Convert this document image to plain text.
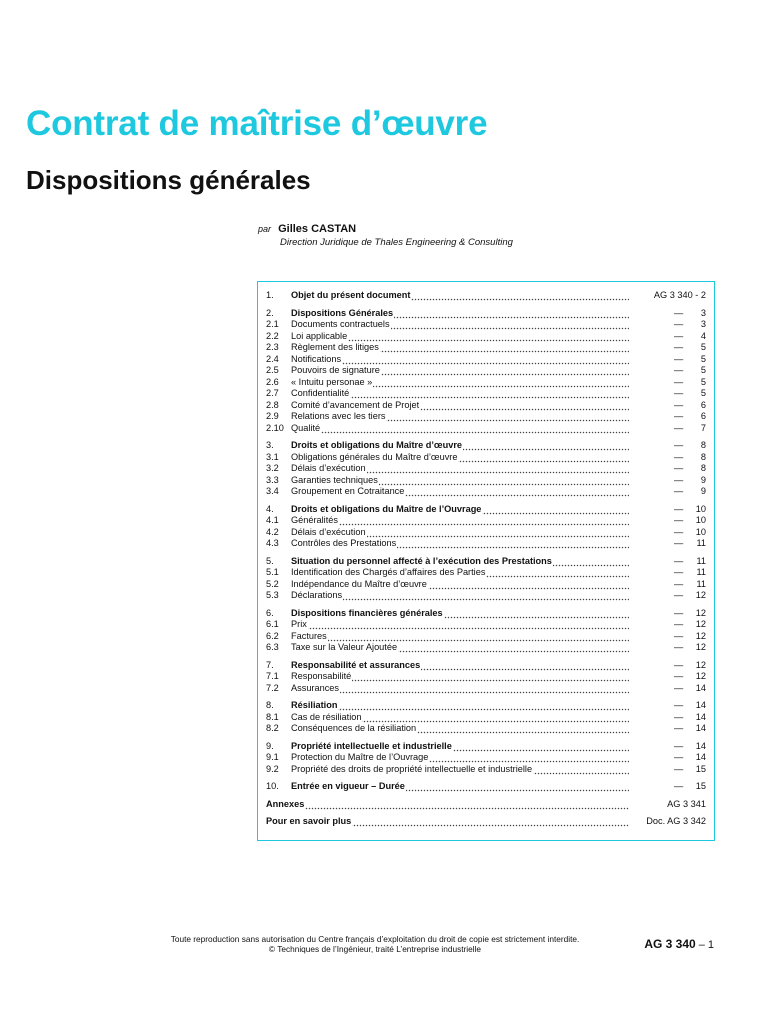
Contrat de maîtrise d’œuvre
Dispositions générales
par Gilles CASTAN
Direction Juridique de Thales Engineering & Consulting
1.	Objet du présent document	AG 3 340 - 2
2.	Dispositions Générales	—	3
2.1	Documents contractuels	—	3
2.2	Loi applicable	—	4
2.3	Règlement des litiges	—	5
2.4	Notifications	—	5
2.5	Pouvoirs de signature	—	5
2.6	« Intuitu personae »	—	5
2.7	Confidentialité	—	5
2.8	Comité d’avancement de Projet	—	6
2.9	Relations avec les tiers	—	6
2.10 Qualité	—	7
3.	Droits et obligations du Maître d’œuvre	—	8
3.1	Obligations générales du Maître d’œuvre	—	8
3.2	Délais d’exécution	—	8
3.3	Garanties techniques	—	9
3.4	Groupement en Cotraitance	—	9
4.	Droits et obligations du Maître de l’Ouvrage	—	10
4.1	Généralités	—	10
4.2	Délais d’exécution	—	10
4.3	Contrôles des Prestations	—	11
5.	Situation du personnel affecté à l’exécution des Prestations	—	11
5.1	Identification des Chargés d’affaires des Parties	—	11
5.2	Indépendance du Maître d’œuvre	—	11
5.3	Déclarations	—	12
6.	Dispositions financières générales	—	12
6.1	Prix	—	12
6.2	Factures	—	12
6.3	Taxe sur la Valeur Ajoutée	—	12
7.	Responsabilité et assurances	—	12
7.1	Responsabilité	—	12
7.2	Assurances	—	14
8.	Résiliation	—	14
8.1	Cas de résiliation	—	14
8.2	Conséquences de la résiliation	—	14
9.	Propriété intellectuelle et industrielle	—	14
9.1	Protection du Maître de l’Ouvrage	—	14
9.2	Propriété des droits de propriété intellectuelle et industrielle	—	15
10.	Entrée en vigueur – Durée	—	15
Annexes	AG 3 341
Pour en savoir plus	Doc. AG 3 342
Toute reproduction sans autorisation du Centre français d’exploitation du droit de copie est strictement interdite.
© Techniques de l’Ingénieur, traité L’entreprise industrielle	AG 3 340 – 1
